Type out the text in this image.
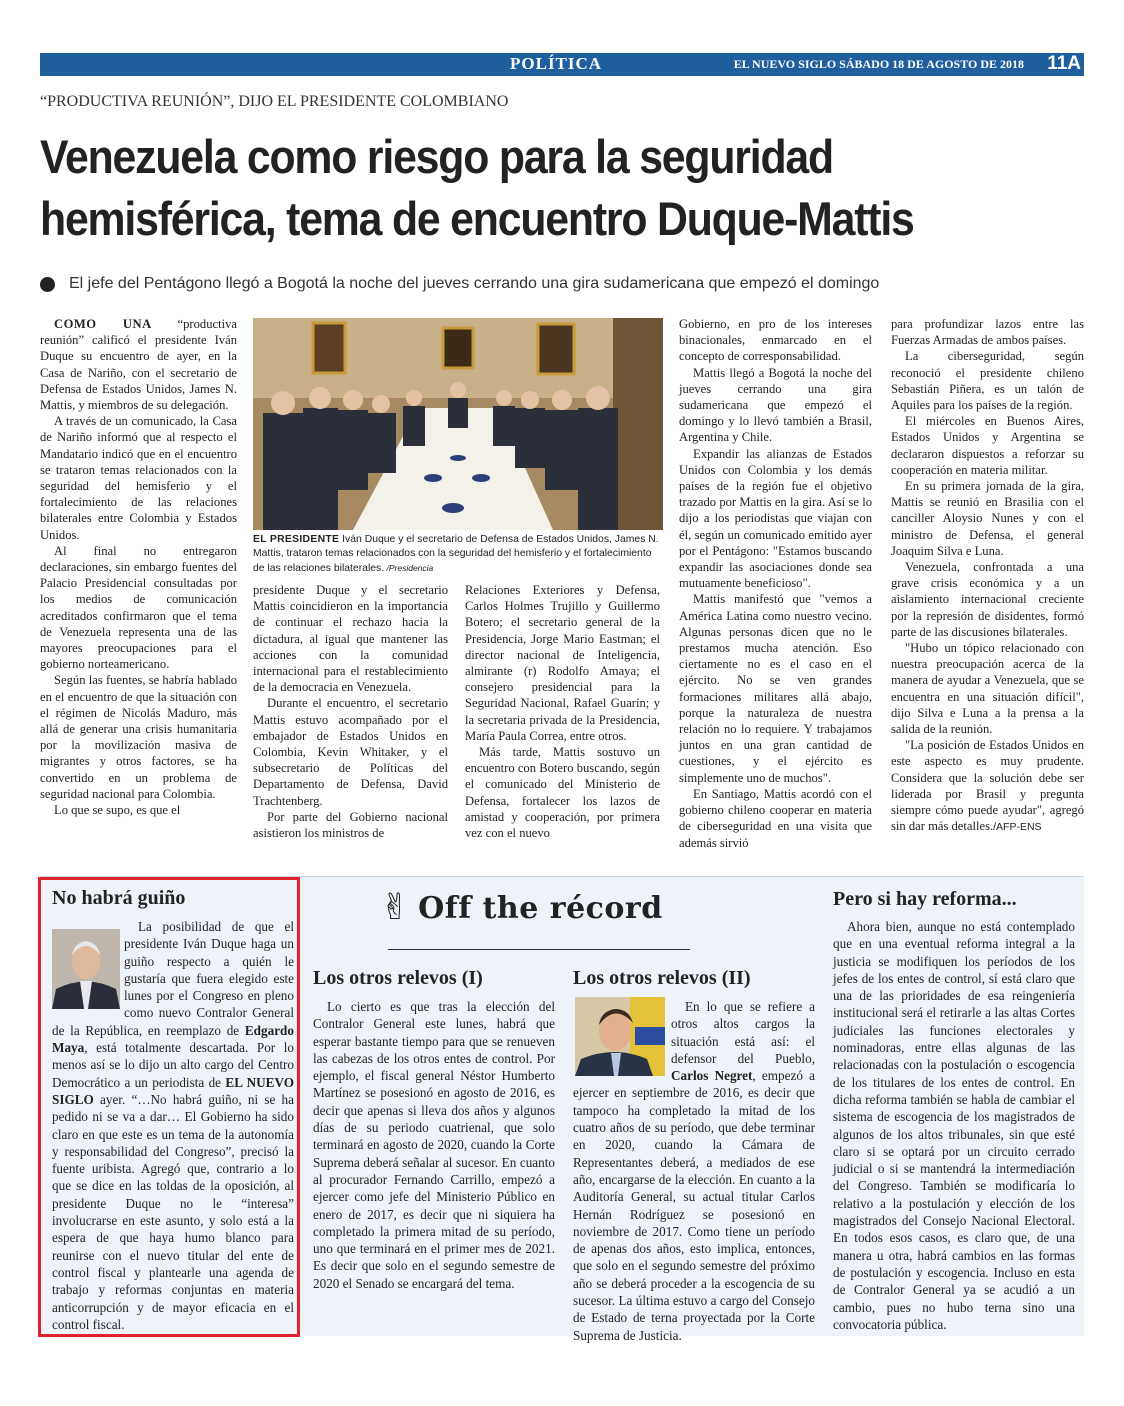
POLÍTICA	EL NUEVO SIGLO SÁBADO 18 DE AGOSTO DE 2018 11A
“PRODUCTIVA REUNIÓN”, DIJO EL PRESIDENTE COLOMBIANO
Venezuela como riesgo para la seguridad
hemisférica, tema de encuentro Duque-Mattis
El jefe del Pentágono llegó a Bogotá la noche del jueves cerrando una gira sudamericana que empezó el domingo

COMO UNA “productiva reunión” calificó el presidente Iván Duque su encuentro de ayer, en la Casa de Nariño, con el secretario de Defensa de Estados Unidos, James N. Mattis, y miembros de su delegación.

A través de un comunicado, la Casa de Nariño informó que al respecto el Mandatario indicó que en el encuentro se trataron temas relacionados con la seguridad del hemisferio y el fortalecimiento de las relaciones bilaterales entre Colombia y Estados Unidos.

Al final no entregaron declaraciones, sin embargo fuentes del Palacio Presidencial consultadas por los medios de comunicación acreditados confirmaron que el tema de Venezuela representa una de las mayores preocupaciones para el gobierno norteamericano.

Según las fuentes, se habría hablado en el encuentro de que la situación con el régimen de Nicolás Maduro, más allá de generar una crisis humanitaria por la movilización masiva de migrantes y otros factores, se ha convertido en un problema de seguridad nacional para Colombia.

Lo que se supo, es que el

EL PRESIDENTE Iván Duque y el secretario de Defensa de Estados Unidos, James N. Mattis, trataron temas relacionados con la seguridad del hemisferio y el fortalecimiento de las relaciones bilaterales. /Presidencia

presidente Duque y el secretario Mattis coincidieron en la importancia de continuar el rechazo hacia la dictadura, al igual que mantener las acciones con la comunidad internacional para el restablecimiento de la democracia en Venezuela.

Durante el encuentro, el secretario Mattis estuvo acompañado por el embajador de Estados Unidos en Colombia, Kevin Whitaker, y el subsecretario de Políticas del Departamento de Defensa, David Trachtenberg.

Por parte del Gobierno nacional asistieron los ministros de

Relaciones Exteriores y Defensa, Carlos Holmes Trujillo y Guillermo Botero; el secretario general de la Presidencia, Jorge Mario Eastman; el director nacional de Inteligencia, almirante (r) Rodolfo Amaya; el consejero presidencial para la Seguridad Nacional, Rafael Guarín; y la secretaria privada de la Presidencia, María Paula Correa, entre otros.

Más tarde, Mattis sostuvo un encuentro con Botero buscando, según el comunicado del Ministerio de Defensa, fortalecer los lazos de amistad y cooperación, por primera vez con el nuevo

Gobierno, en pro de los intereses binacionales, enmarcado en el concepto de corresponsabilidad.

Mattis llegó a Bogotá la noche del jueves cerrando una gira sudamericana que empezó el domingo y lo llevó también a Brasil, Argentina y Chile.

Expandir las alianzas de Estados Unidos con Colombia y los demás países de la región fue el objetivo trazado por Mattis en la gira. Así se lo dijo a los periodistas que viajan con él, según un comunicado emitido ayer por el Pentágono: "Estamos buscando expandir las asociaciones donde sea mutuamente beneficioso".

Mattis manifestó que "vemos a América Latina como nuestro vecino. Algunas personas dicen que no le prestamos mucha atención. Eso ciertamente no es el caso en el ejército. No se ven grandes formaciones militares allá abajo, porque la naturaleza de nuestra relación no lo requiere. Y trabajamos juntos en una gran cantidad de cuestiones, y el ejército es simplemente uno de muchos".

En Santiago, Mattis acordó con el gobierno chileno cooperar en materia de ciberseguridad en una visita que además sirvió

para profundizar lazos entre las Fuerzas Armadas de ambos países.

La ciberseguridad, según reconoció el presidente chileno Sebastián Piñera, es un talón de Aquiles para los países de la región.

El miércoles en Buenos Aires, Estados Unidos y Argentina se declararon dispuestos a reforzar su cooperación en materia militar.

En su primera jornada de la gira, Mattis se reunió en Brasilia con el canciller Aloysio Nunes y con el ministro de Defensa, el general Joaquim Silva e Luna.

Venezuela, confrontada a una grave crisis económica y a un aislamiento internacional creciente por la represión de disidentes, formó parte de las discusiones bilaterales.

"Hubo un tópico relacionado con nuestra preocupación acerca de la manera de ayudar a Venezuela, que se encuentra en una situación difícil", dijo Silva e Luna a la prensa a la salida de la reunión.

"La posición de Estados Unidos en este aspecto es muy prudente. Considera que la solución debe ser liderada por Brasil y pregunta siempre cómo puede ayudar", agregó sin dar más detalles./AFP-ENS

No habrá guiño

La posibilidad de que el presidente Iván Duque haga un guiño respecto a quién le gustaría que fuera elegido este lunes por el Congreso en pleno como nuevo Contralor General de la República, en reemplazo de Edgardo Maya, está totalmente descartada. Por lo menos así se lo dijo un alto cargo del Centro Democrático a un periodista de EL NUEVO SIGLO ayer. “…No habrá guiño, ni se ha pedido ni se va a dar… El Gobierno ha sido claro en que este es un tema de la autonomía y responsabilidad del Congreso”, precisó la fuente uribista. Agregó que, contrario a lo que se dice en las toldas de la oposición, al presidente Duque no le “interesa” involucrarse en este asunto, y solo está a la espera de que haya humo blanco para reunirse con el nuevo titular del ente de control fiscal y plantearle una agenda de trabajo y reformas conjuntas en materia anticorrupción y de mayor eficacia en el control fiscal.

✌ Off the récord
Los otros relevos (I)

Lo cierto es que tras la elección del Contralor General este lunes, habrá que esperar bastante tiempo para que se renueven las cabezas de los otros entes de control. Por ejemplo, el fiscal general Néstor Humberto Martínez se posesionó en agosto de 2016, es decir que apenas si lleva dos años y algunos días de su periodo cuatrienal, que solo terminará en agosto de 2020, cuando la Corte Suprema deberá señalar al sucesor. En cuanto al procurador Fernando Carrillo, empezó a ejercer como jefe del Ministerio Público en enero de 2017, es decir que ni siquiera ha completado la primera mitad de su período, uno que terminará en el primer mes de 2021. Es decir que solo en el segundo semestre de 2020 el Senado se encargará del tema.

Los otros relevos (II)

En lo que se refiere a otros altos cargos la situación está así: el defensor del Pueblo, Carlos Negret, empezó a ejercer en septiembre de 2016, es decir que tampoco ha completado la mitad de los cuatro años de su período, que debe terminar en 2020, cuando la Cámara de Representantes deberá, a mediados de ese año, encargarse de la elección. En cuanto a la Auditoría General, su actual titular Carlos Hernán Rodríguez se posesionó en noviembre de 2017. Como tiene un período de apenas dos años, esto implica, entonces, que solo en el segundo semestre del próximo año se deberá proceder a la escogencia de su sucesor. La última estuvo a cargo del Consejo de Estado de terna proyectada por la Corte Suprema de Justicia.

Pero si hay reforma...

Ahora bien, aunque no está contemplado que en una eventual reforma integral a la justicia se modifiquen los períodos de los jefes de los entes de control, sí está claro que una de las prioridades de esa reingeniería institucional será el retirarle a las altas Cortes judiciales las funciones electorales y nominadoras, entre ellas algunas de las relacionadas con la postulación o escogencia de los titulares de los entes de control. En dicha reforma también se habla de cambiar el sistema de escogencia de los magistrados de algunos de los altos tribunales, sin que esté claro si se optará por un circuito cerrado judicial o si se mantendrá la intermediación del Congreso. También se modificaría lo relativo a la postulación y elección de los magistrados del Consejo Nacional Electoral. En todos esos casos, es claro que, de una manera u otra, habrá cambios en las formas de postulación y escogencia. Incluso en esta de Contralor General ya se acudió a un cambio, pues no hubo terna sino una convocatoria pública.
